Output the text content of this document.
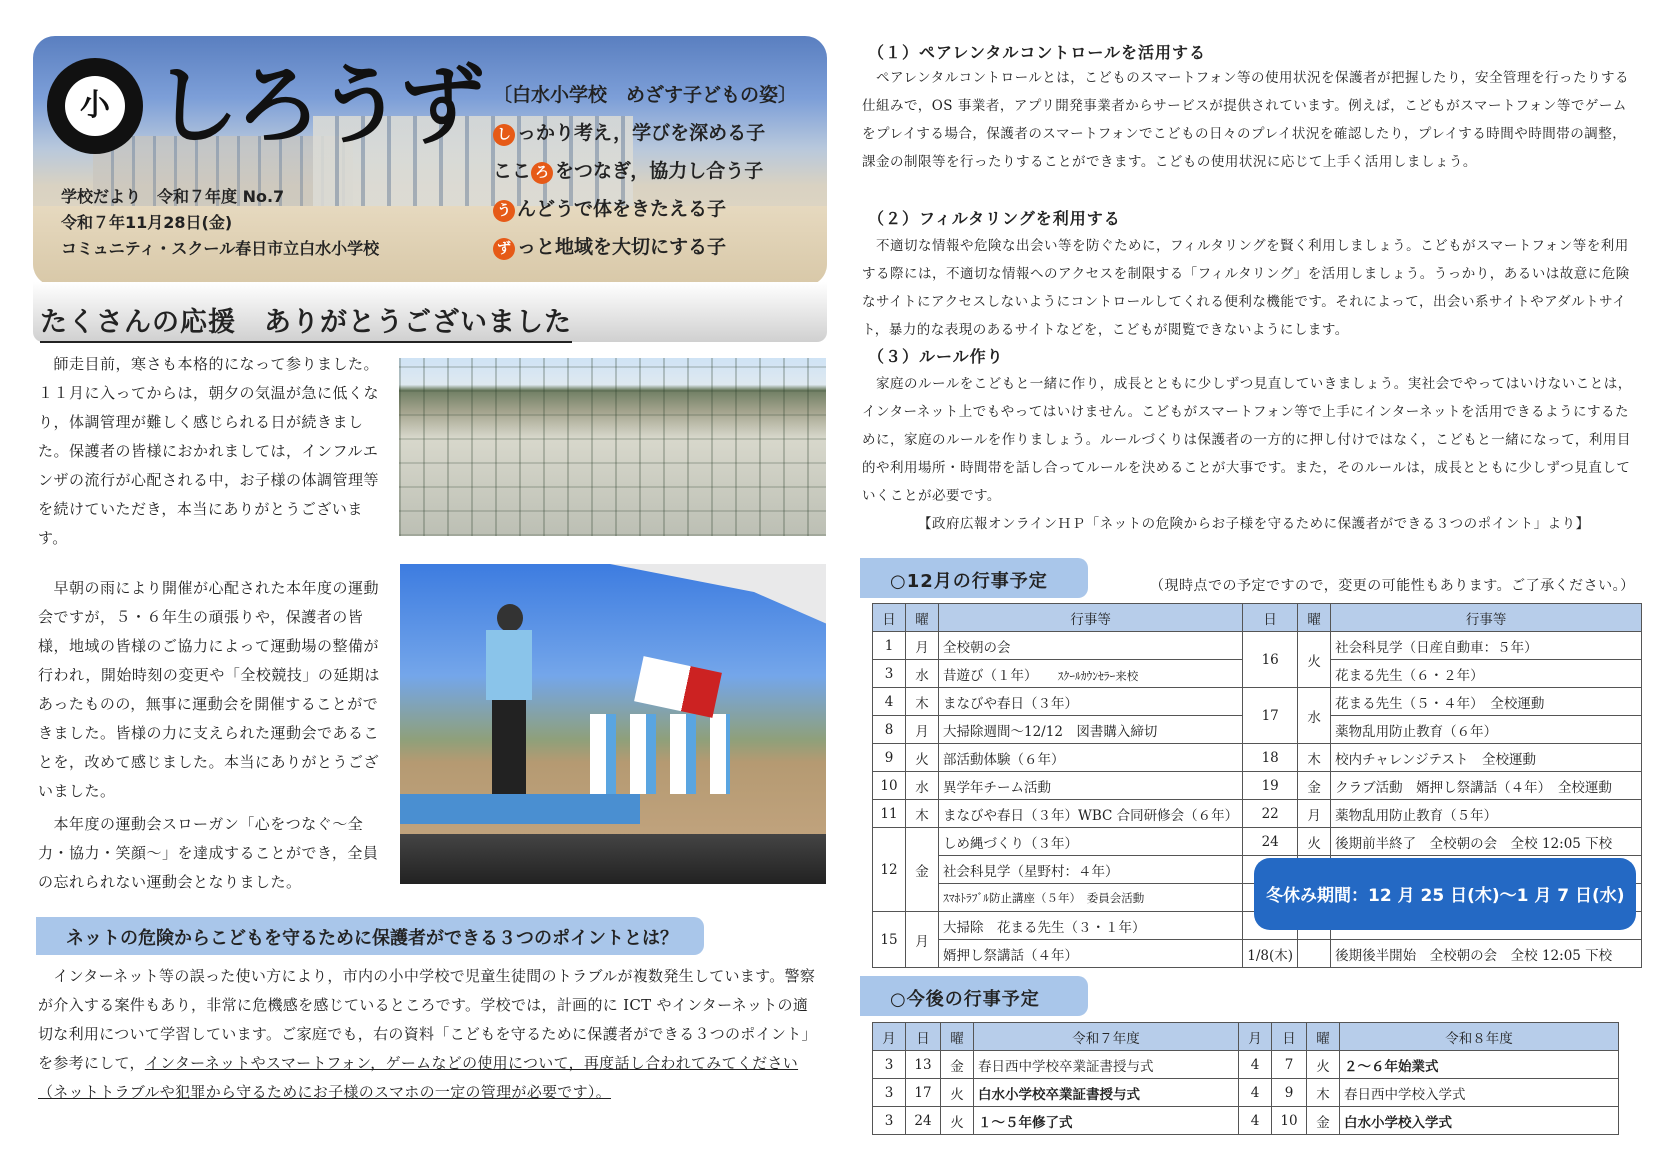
小 しろうず
学校だより　令和７年度 No.7
令和７年11月28日(金)
コミュニティ・スクール春日市立白水小学校
〔白水小学校　めざす子どもの姿〕
し っかり考え，学びを深める子
ここ ろ をつなぎ，協力し合う子
う んどうで体をきたえる子
ず っと地域を大切にする子
たくさんの応援　ありがとうございました
　師走目前，寒さも本格的になって参りました。１１月に入ってからは，朝夕の気温が急に低くなり，体調管理が難しく感じられる日が続きました。保護者の皆様におかれましては，インフルエンザの流行が心配される中，お子様の体調管理等を続けていただき，本当にありがとうございます。
　早朝の雨により開催が心配された本年度の運動会ですが，５・６年生の頑張りや，保護者の皆様，地域の皆様のご協力によって運動場の整備が行われ，開始時刻の変更や「全校競技」の延期はあったものの，無事に運動会を開催することができました。皆様の力に支えられた運動会であることを，改めて感じました。本当にありがとうございました。
　本年度の運動会スローガン「心をつなぐ〜全力・協力・笑顔〜」を達成することができ，全員の忘れられない運動会となりました。
ネットの危険からこどもを守るために保護者ができる３つのポイントとは？
　インターネット等の誤った使い方により，市内の小中学校で児童生徒間のトラブルが複数発生しています。警察が介入する案件もあり，非常に危機感を感じているところです。学校では，計画的に ICT やインターネットの適切な利用について学習しています。ご家庭でも，右の資料「こどもを守るために保護者ができる３つのポイント」を参考にして，インターネットやスマートフォン，ゲームなどの使用について，再度話し合われてみてください（ネットトラブルや犯罪から守るためにお子様のスマホの一定の管理が必要です）。
（１）ペアレンタルコントロールを活用する
　ペアレンタルコントロールとは，こどものスマートフォン等の使用状況を保護者が把握したり，安全管理を行ったりする仕組みで，OS 事業者，アプリ開発事業者からサービスが提供されています。例えば，こどもがスマートフォン等でゲームをプレイする場合，保護者のスマートフォンでこどもの日々のプレイ状況を確認したり，プレイする時間や時間帯の調整，課金の制限等を行ったりすることができます。こどもの使用状況に応じて上手く活用しましょう。
（２）フィルタリングを利用する
　不適切な情報や危険な出会い等を防ぐために，フィルタリングを賢く利用しましょう。こどもがスマートフォン等を利用する際には，不適切な情報へのアクセスを制限する「フィルタリング」を活用しましょう。うっかり，あるいは故意に危険なサイトにアクセスしないようにコントロールしてくれる便利な機能です。それによって，出会い系サイトやアダルトサイト，暴力的な表現のあるサイトなどを，こどもが閲覧できないようにします。
（３）ルール作り
　家庭のルールをこどもと一緒に作り，成長とともに少しずつ見直していきましょう。実社会でやってはいけないことは，インターネット上でもやってはいけません。こどもがスマートフォン等で上手にインターネットを活用できるようにするために，家庭のルールを作りましょう。ルールづくりは保護者の一方的に押し付けではなく，こどもと一緒になって，利用目的や利用場所・時間帯を話し合ってルールを決めることが大事です。また，そのルールは，成長とともに少しずつ見直していくことが必要です。
【政府広報オンラインＨＰ「ネットの危険からお子様を守るために保護者ができる３つのポイント」より】
○12月の行事予定	（現時点での予定ですので，変更の可能性もあります。ご了承ください。）
日	曜	行事等	日	曜	行事等
1	月	全校朝の会	16	火	社会科見学（日産自動車：５年）
3	水	昔遊び（１年）　　 ｽｸｰﾙｶｳﾝｾﾗｰ来校			花まる先生（６・２年）
4	木	まなびや春日（３年）	17	水	花まる先生（５・４年）　全校運動
8	月	大掃除週間〜12/12　図書購入締切			薬物乱用防止教育（６年）
9	火	部活動体験（６年）	18	木	校内チャレンジテスト　全校運動
10	水	異学年チーム活動	19	金	クラブ活動　婿押し祭講話（４年）　全校運動
11	木	まなびや春日（３年）WBC 合同研修会（６年）	22	月	薬物乱用防止教育（５年）
12	金	しめ縄づくり（３年）	24	火	後期前半終了　全校朝の会　全校 12:05 下校
		社会科見学（星野村：４年）			
		ｽﾏﾎﾄﾗﾌﾞﾙ防止講座（５年）　委員会活動			
15	月	大掃除　花まる先生（３・１年）			
		婿押し祭講話（４年）	1/8(木)		後期後半開始　全校朝の会　全校 12:05 下校
冬休み期間：12 月 25 日(木)〜1 月 7 日(水)
○今後の行事予定
月	日	曜	令和７年度	月	日	曜	令和８年度
3	13	金	春日西中学校卒業証書授与式	4	7	火	２〜６年始業式
3	17	火	白水小学校卒業証書授与式	4	9	木	春日西中学校入学式
3	24	火	１〜５年修了式	4	10	金	白水小学校入学式
